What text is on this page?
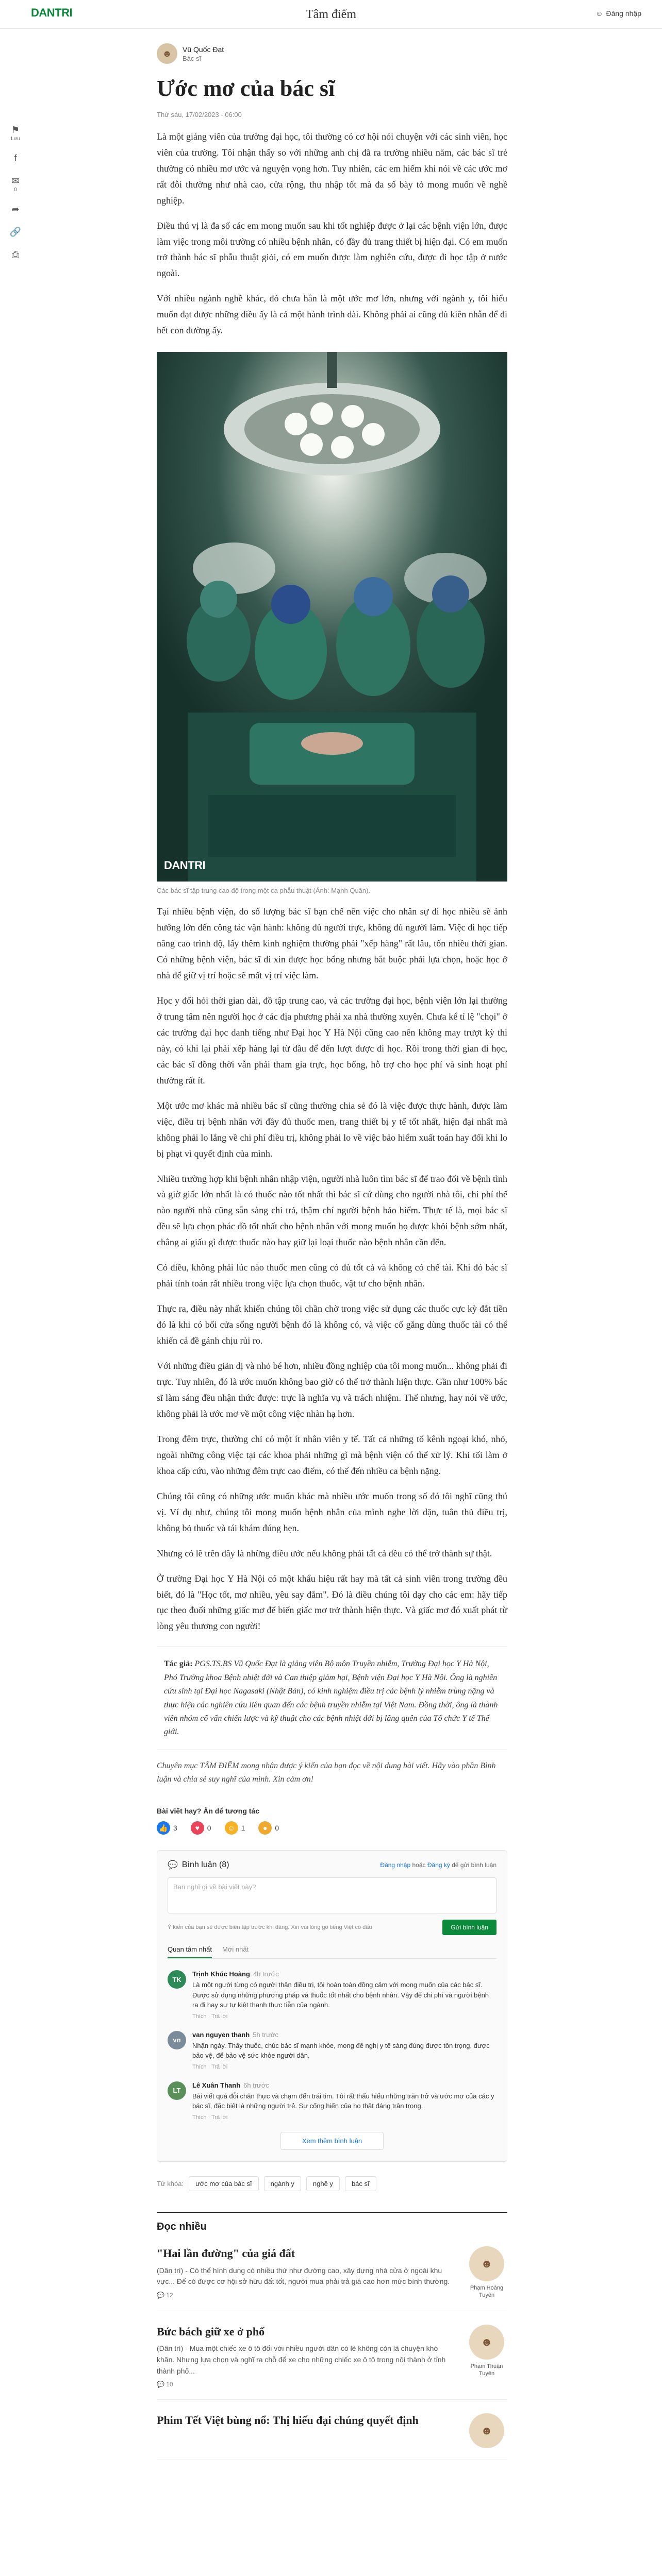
DANTRI	Tâm điểm	☺ Đăng nhập
⚑
Lưu
f
✉
0
➦
🔗
⎙
☻	Vũ Quốc Đạt
Bác sĩ
Ước mơ của bác sĩ
Thứ sáu, 17/02/2023 - 06:00

Là một giảng viên của trường đại học, tôi thường có cơ hội nói chuyện với các sinh viên, học viên của trường. Tôi nhận thấy so với những anh chị đã ra trường nhiều năm, các bác sĩ trẻ thường có nhiều mơ ước và nguyện vọng hơn. Tuy nhiên, các em hiếm khi nói về các ước mơ rất đỗi thường như nhà cao, cửa rộng, thu nhập tốt mà đa số bày tỏ mong muốn về nghề nghiệp.

Điều thú vị là đa số các em mong muốn sau khi tốt nghiệp được ở lại các bệnh viện lớn, được làm việc trong môi trường có nhiều bệnh nhân, có đầy đủ trang thiết bị hiện đại. Có em muốn trở thành bác sĩ phẫu thuật giỏi, có em muốn được làm nghiên cứu, được đi học tập ở nước ngoài.

Với nhiều ngành nghề khác, đó chưa hẳn là một ước mơ lớn, nhưng với ngành y, tôi hiểu muốn đạt được những điều ấy là cả một hành trình dài. Không phải ai cũng đủ kiên nhẫn để đi hết con đường ấy.

DANTRI
Các bác sĩ tập trung cao độ trong một ca phẫu thuật (Ảnh: Mạnh Quân).

Tại nhiều bệnh viện, do số lượng bác sĩ bạn chế nên việc cho nhân sự đi học nhiều sẽ ảnh hưởng lớn đến công tác vận hành: không đủ người trực, không đủ người làm. Việc đi học tiếp nâng cao trình độ, lấy thêm kinh nghiệm thường phải "xếp hàng" rất lâu, tốn nhiều thời gian. Có những bệnh viện, bác sĩ đi xin được học bổng nhưng bắt buộc phải lựa chọn, hoặc học ở nhà để giữ vị trí hoặc sẽ mất vị trí việc làm.

Học y đối hỏi thời gian dài, đồ tập trung cao, và các trường đại học, bệnh viện lớn lại thường ở trung tâm nên người học ở các địa phương phải xa nhà thường xuyên. Chưa kể tỉ lệ "chọi" ở các trường đại học danh tiếng như Đại học Y Hà Nội cũng cao nên không may trượt kỳ thi này, có khi lại phải xếp hàng lại từ đầu để đến lượt được đi học. Rồi trong thời gian đi học, các bác sĩ đồng thời vẫn phải tham gia trực, học bổng, hỗ trợ cho học phí và sinh hoạt phí thường rất ít.

Một ước mơ khác mà nhiều bác sĩ cũng thường chia sẻ đó là việc được thực hành, được làm việc, điều trị bệnh nhân với đầy đủ thuốc men, trang thiết bị y tế tốt nhất, hiện đại nhất mà không phải lo lắng về chi phí điều trị, không phải lo về việc bảo hiểm xuất toán hay đối khi lo bị phạt vì quyết định của mình.

Nhiều trường hợp khi bệnh nhân nhập viện, người nhà luôn tìm bác sĩ để trao đổi về bệnh tình và giờ giấc lớn nhất là có thuốc nào tốt nhất thì bác sĩ cứ dùng cho người nhà tôi, chi phí thế nào người nhà cũng sẵn sàng chi trả, thậm chí người bệnh bảo hiểm. Thực tế là, mọi bác sĩ đều sẽ lựa chọn phác đồ tốt nhất cho bệnh nhân với mong muốn họ được khỏi bệnh sớm nhất, chẳng ai giấu gì được thuốc nào hay giữ lại loại thuốc nào bệnh nhân cần đến.

Có điều, không phải lúc nào thuốc men cũng có đủ tốt cả và không có chế tài. Khi đó bác sĩ phải tính toán rất nhiều trong việc lựa chọn thuốc, vật tư cho bệnh nhân.

Thực ra, điều này nhất khiến chúng tôi chần chờ trong việc sử dụng các thuốc cực kỳ đắt tiền đó là khi có bối cửa sổng người bệnh đó là không có, và việc cố gắng dùng thuốc tài có thể khiến cả đề gánh chịu rủi ro.

Với những điều giản dị và nhỏ bé hơn, nhiều đồng nghiệp của tôi mong muốn... không phải đi trực. Tuy nhiên, đó là ước muốn không bao giờ có thể trở thành hiện thực. Gần như 100% bác sĩ làm sáng đều nhận thức được: trực là nghĩa vụ và trách nhiệm. Thế nhưng, hay nói về ước, không phải là ước mơ về một công việc nhàn hạ hơn.

Trong đêm trực, thường chỉ có một ít nhân viên y tế. Tất cả những tổ kênh ngoại khó, nhỏ, ngoài những công việc tại các khoa phải những gì mà bệnh viện có thể xử lý. Khi tối làm ở khoa cấp cứu, vào những đêm trực cao điểm, có thể đến nhiều ca bệnh nặng.

Chúng tôi cũng có những ước muốn khác mà nhiều ước muốn trong số đó tôi nghĩ cũng thú vị. Ví dụ như, chúng tôi mong muốn bệnh nhân của mình nghe lời dặn, tuân thủ điều trị, không bỏ thuốc và tái khám đúng hẹn.

Nhưng có lẽ trên đây là những điều ước nếu không phải tất cả đều có thể trở thành sự thật.

Ở trường Đại học Y Hà Nội có một khẩu hiệu rất hay mà tất cả sinh viên trong trường đều biết, đó là "Học tốt, mơ nhiều, yêu say đắm". Đó là điều chúng tôi dạy cho các em: hãy tiếp tục theo đuổi những giấc mơ để biến giấc mơ trở thành hiện thực. Và giấc mơ đó xuất phát từ lòng yêu thương con người!

Tác giả: PGS.TS.BS Vũ Quốc Đạt là giảng viên Bộ môn Truyền nhiễm, Trường Đại học Y Hà Nội, Phó Trưởng khoa Bệnh nhiệt đới và Can thiệp giảm hại, Bệnh viện Đại học Y Hà Nội. Ông là nghiên cứu sinh tại Đại học Nagasaki (Nhật Bản), có kinh nghiệm điều trị các bệnh lý nhiễm trùng nặng và thực hiện các nghiên cứu liên quan đến các bệnh truyền nhiễm tại Việt Nam. Đồng thời, ông là thành viên nhóm cố vấn chiến lược và kỹ thuật cho các bệnh nhiệt đới bị lãng quên của Tổ chức Y tế Thế giới.

Chuyên mục TÂM ĐIỂM mong nhận được ý kiến của bạn đọc về nội dung bài viết. Hãy vào phần Bình luận và chia sẻ suy nghĩ của mình. Xin cảm ơn!

Bài viết hay? Ấn để tương tác
👍 3	♥	0	☺ 1	●	0
💬 Bình luận (8)	Đăng nhập hoặc Đăng ký để gửi bình luận
Bạn nghĩ gì về bài viết này?
Ý kiến của bạn sẽ được biên tập trước khi đăng. Xin vui lòng gõ tiếng Việt có dấu	Gửi bình luận
Quan tâm nhất Mới nhất
TK
Trịnh Khúc Hoàng 4h trước
Là một người từng có người thân điều trị, tôi hoàn toàn đồng cảm với mong muốn của các bác sĩ. Được sử dụng những phương pháp và thuốc tốt nhất cho bệnh nhân. Vậy để chi phí và người bệnh ra đi hay sự tự kiệt thanh thực tiễn của ngành.
Thích · Trả lời
vn
van nguyen thanh 5h trước
Nhận ngày. Thấy thuốc, chúc bác sĩ mạnh khỏe, mong đề nghị y tế sàng đúng được tôn trọng, được bảo vệ, để bảo vệ sức khỏe người dân.
Thích · Trả lời
LT
Lê Xuân Thanh 6h trước
Bài viết quá đỗi chân thực và chạm đến trái tim. Tôi rất thấu hiểu những trăn trở và ước mơ của các y bác sĩ, đặc biệt là những người trẻ. Sự cống hiến của họ thật đáng trân trọng.
Thích · Trả lời
Xem thêm bình luận
Từ khóa:	ước mơ của bác sĩ	ngành y	nghề y	bác sĩ
Đọc nhiều
"Hai lần đường" của giá đất
(Dân trí) - Có thể hình dung có nhiều thứ như đường cao, xây dựng nhà cửa ở ngoài khu vực... Để có được cơ hội sở hữu đất tốt, người mua phải trả giá cao hơn mức bình thường.
💬 12
☻
Phạm Hoàng Tuyên
Bức bách giữ xe ở phố
(Dân trí) - Mua một chiếc xe ô tô đối với nhiều người dân có lẽ không còn là chuyện khó khăn. Nhưng lựa chọn và nghĩ ra chỗ để xe cho những chiếc xe ô tô trong nội thành ở tỉnh thành phố...
💬 10
☻
Phạm Thuận Tuyên
Phim Tết Việt bùng nổ: Thị hiếu đại chúng quyết định
☻
